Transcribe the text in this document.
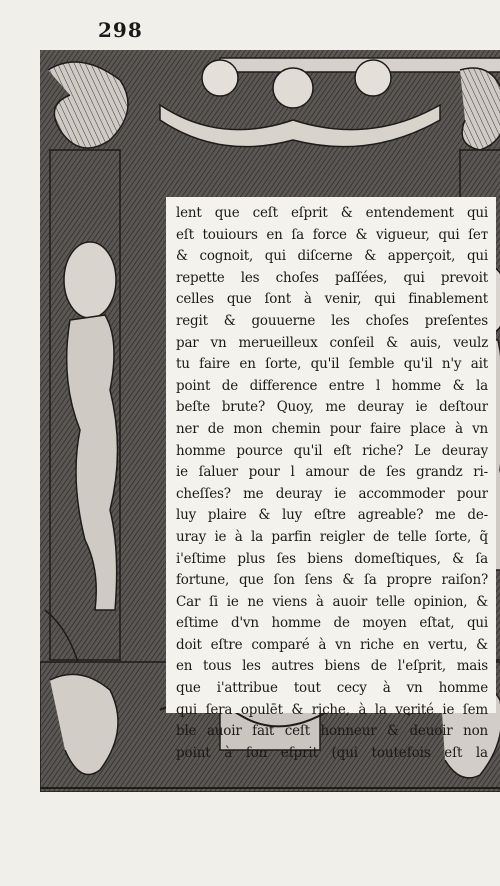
298
lent que ceſt eſprit & entendement qui
eſt touiours en ſa force & vigueur, qui ſeт
& cognoit, qui diſcerne & apperçoit, qui
repette les choſes paſſées, qui prevoit
celles que ſont à venir, qui finablement
regit & gouuerne les choſes preſentes
par vn merueilleux conſeil & auis, veulz
tu faire en ſorte, qu'il ſemble qu'il n'y ait
point de difference entre l homme & la
beſte brute? Quoy, me deuray ie deſtour
ner de mon chemin pour faire place à vn
homme pource qu'il eſt riche? Le deuray
ie ſaluer pour l amour de ſes grandz ri-
cheſſes? me deuray ie accommoder pour
luy plaire & luy eſtre agreable? me de-
uray ie à la parfin reigler de telle ſorte, q̃
i'eſtime plus ſes biens domeſtiques, & ſa
fortune, que ſon ſens & ſa propre raiſon?
Car ſi ie ne viens à auoir telle opinion, &
eſtime d'vn homme de moyen eſtat, qui
doit eſtre comparé à vn riche en vertu, &
en tous les autres biens de l'eſprit, mais
que i'attribue tout cecy à vn homme
qui ſera opulēt & riche, à la verité ie ſem
ble auoir fait ceſt honneur & deuoir non
point à ſon eſprit (qui toutefois eſt la
